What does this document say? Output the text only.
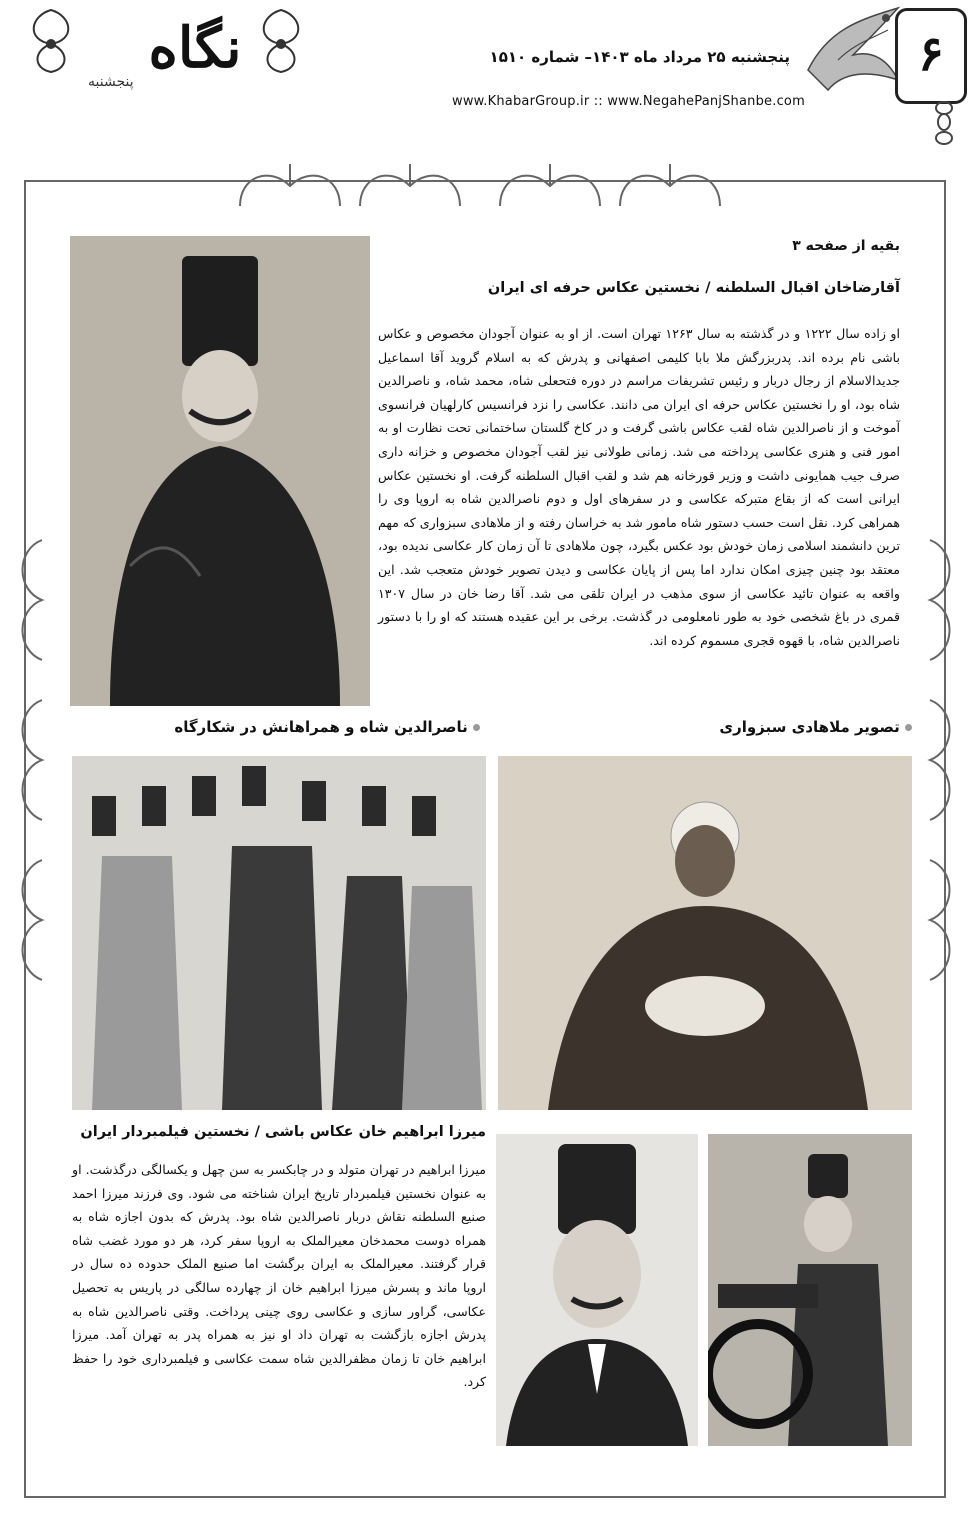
نگاه
پنجشنبه
پنجشنبه ۲۵ مرداد ماه ۱۴۰۳– شماره ۱۵۱۰
www.KhabarGroup.ir :: www.NegahePanjShanbe.com
۶
بقیه از صفحه ۳
آقارضاخان اقبال السلطنه / نخستین عکاس حرفه ای ایران
او زاده سال ۱۲۲۲ و در گذشته به سال ۱۲۶۳ تهران است. از او به عنوان آجودان مخصوص و عکاس باشی نام برده اند. پدربزرگش ملا بابا کلیمی اصفهانی و پدرش که به اسلام گروید آقا اسماعیل جدیدالاسلام از رجال دربار و رئیس تشریفات مراسم در دوره فتحعلی شاه، محمد شاه، و ناصرالدین شاه بود، او را نخستین عکاس حرفه ای ایران می دانند. عکاسی را نزد فرانسیس کارلهیان فرانسوی آموخت و از ناصرالدین شاه لقب عکاس باشی گرفت و در کاخ گلستان ساختمانی تحت نظارت او به امور فنی و هنری عکاسی پرداخته می شد. زمانی طولانی نیز لقب آجودان مخصوص و خزانه داری صرف جیب همایونی داشت و وزیر قورخانه هم شد و لقب اقبال السلطنه گرفت. او نخستین عکاس ایرانی است که از بقاع متبرکه عکاسی و در سفرهای اول و دوم ناصرالدین شاه به اروپا وی را همراهی کرد. نقل است حسب دستور شاه مامور شد به خراسان رفته و از ملاهادی سبزواری که مهم ترین دانشمند اسلامی زمان خودش بود عکس بگیرد، چون ملاهادی تا آن زمان کار عکاسی ندیده بود، معتقد بود چنین چیزی امکان ندارد اما پس از پایان عکاسی و دیدن تصویر خودش متعجب شد. این واقعه به عنوان تائید عکاسی از سوی مذهب در ایران تلقی می شد. آقا رضا خان در سال ۱۳۰۷ قمری در باغ شخصی خود به طور نامعلومی در گذشت. برخی بر این عقیده هستند که او را با دستور ناصرالدین شاه، با قهوه قجری مسموم کرده اند.
ناصرالدین شاه و همراهانش در شکارگاه	تصویر ملاهادی سبزواری
میرزا ابراهیم خان عکاس باشی / نخستین فیلمبردار ایران
میرزا ابراهیم در تهران متولد و در چابکسر به سن چهل و یکسالگی درگذشت. او به عنوان نخستین فیلمبردار تاریخ ایران شناخته می شود. وی فرزند میرزا احمد صنیع السلطنه نقاش دربار ناصرالدین شاه بود. پدرش که بدون اجازه شاه به همراه دوست محمدخان معیرالملک به اروپا سفر کرد، هر دو مورد غضب شاه قرار گرفتند. معیرالملک به ایران برگشت اما صنیع الملک حدوده ده سال در اروپا ماند و پسرش میرزا ابراهیم خان از چهارده سالگی در پاریس به تحصیل عکاسی، گراور سازی و عکاسی روی چینی پرداخت. وقتی ناصرالدین شاه به پدرش اجازه بازگشت به تهران داد او نیز به همراه پدر به تهران آمد. میرزا ابراهیم خان تا زمان مظفرالدین شاه سمت عکاسی و فیلمبرداری خود را حفظ کرد.
